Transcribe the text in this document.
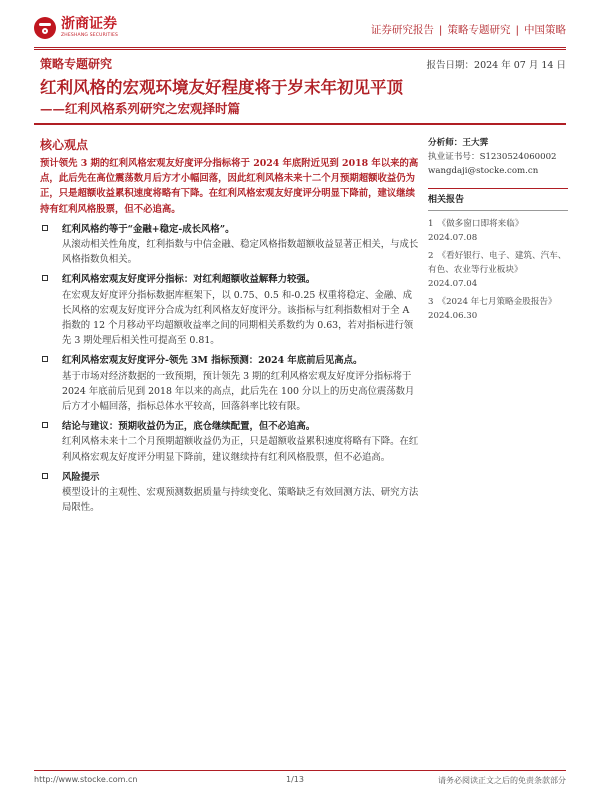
浙商证券
ZHESHANG SECURITIES	证券研究报告 | 策略专题研究 | 中国策略
策略专题研究	报告日期：2024 年 07 月 14 日
红利风格的宏观环境友好程度将于岁末年初见平顶
——红利风格系列研究之宏观择时篇
核心观点
预计领先 3 期的红利风格宏观友好度评分指标将于 2024 年底附近见到 2018 年以来的高点，此后先在高位震荡数月后方才小幅回落，因此红利风格未来十二个月预期超额收益仍为正，只是超额收益累积速度将略有下降。在红利风格宏观友好度评分明显下降前，建议继续持有红利风格股票，但不必追高。
红利风格约等于“金融+稳定-成长风格”。
从滚动相关性角度，红利指数与中信金融、稳定风格指数超额收益显著正相关，与成长风格指数负相关。
红利风格宏观友好度评分指标：对红利超额收益解释力较强。
在宏观友好度评分指标数据库框架下，以 0.75、0.5 和-0.25 权重将稳定、金融、成长风格的宏观友好度评分合成为红利风格友好度评分。该指标与红利指数相对于全 A 指数的 12 个月移动平均超额收益率之间的同期相关系数约为 0.63，若对指标进行领先 3 期处理后相关性可提高至 0.81。
红利风格宏观友好度评分-领先 3M 指标预测：2024 年底前后见高点。
基于市场对经济数据的一致预期，预计领先 3 期的红利风格宏观友好度评分指标将于 2024 年底前后见到 2018 年以来的高点，此后先在 100 分以上的历史高位震荡数月后方才小幅回落，指标总体水平较高，回落斜率比较有限。
结论与建议：预期收益仍为正，底仓继续配置，但不必追高。
红利风格未来十二个月预期超额收益仍为正，只是超额收益累积速度将略有下降。在红利风格宏观友好度评分明显下降前，建议继续持有红利风格股票，但不必追高。
风险提示
模型设计的主观性、宏观预测数据质量与持续变化、策略缺乏有效回测方法、研究方法局限性。
分析师：王大霁
执业证书号：S1230524060002
wangdaji@stocke.com.cn
相关报告
1 《做多窗口即将来临》
2024.07.08
2 《看好银行、电子、建筑、汽车、有色、农业等行业板块》
2024.07.04
3 《2024 年七月策略金股报告》 2024.06.30
http://www.stocke.com.cn	1/13	请务必阅读正文之后的免责条款部分
